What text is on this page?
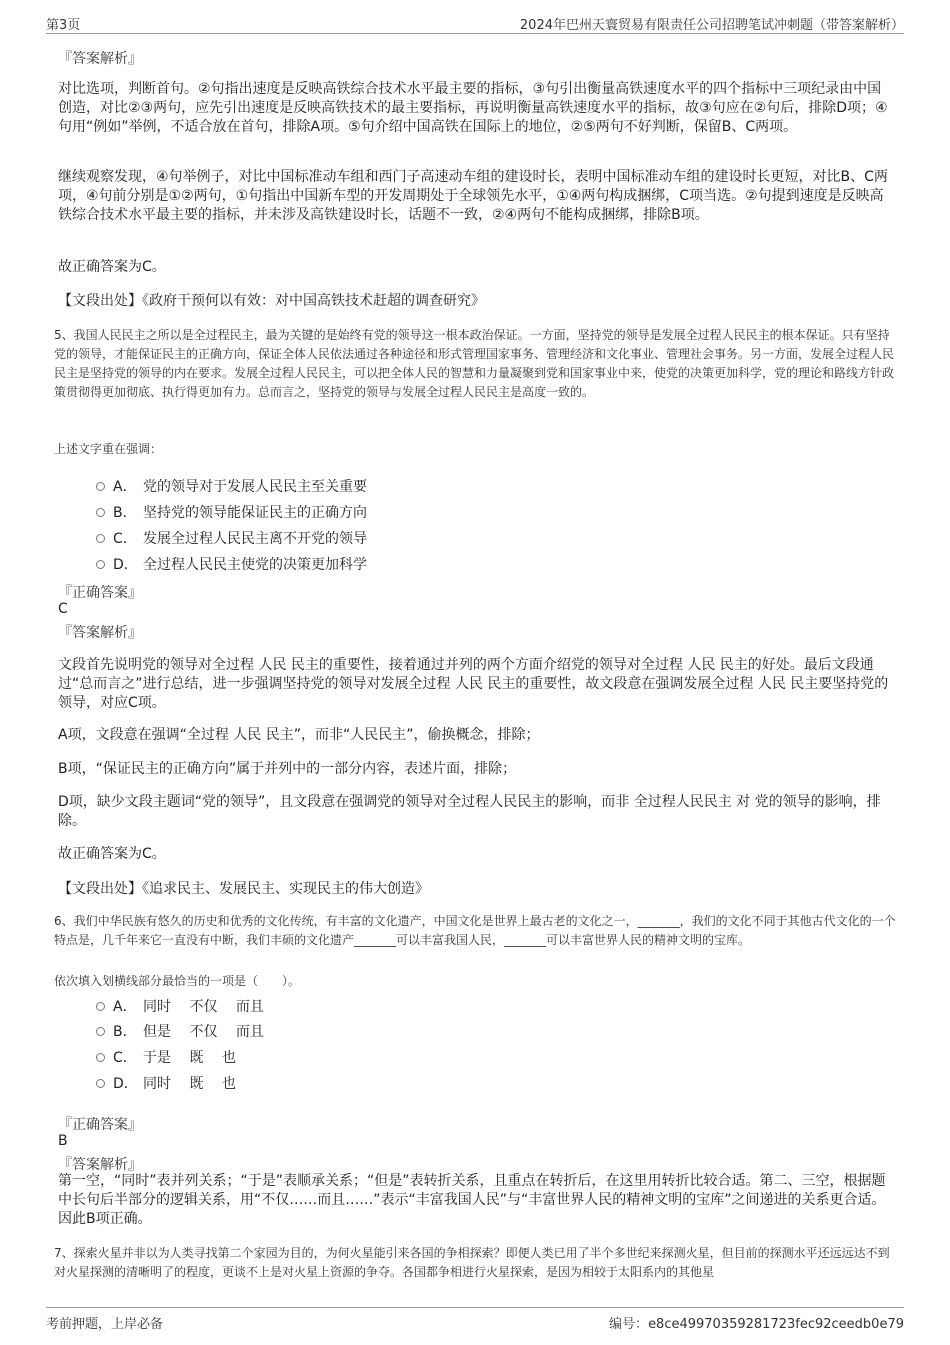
第3页	2024年巴州天寰贸易有限责任公司招聘笔试冲刺题（带答案解析）
『答案解析』
对比选项，判断首句。②句指出速度是反映高铁综合技术水平最主要的指标，③句引出衡量高铁速度水平的四个指标中三项纪录由中国创造，对比②③两句，应先引出速度是反映高铁技术的最主要指标，再说明衡量高铁速度水平的指标，故③句应在②句后，排除D项；④句用“例如”举例，不适合放在首句，排除A项。⑤句介绍中国高铁在国际上的地位，②⑤两句不好判断，保留B、C两项。
继续观察发现，④句举例子，对比中国标准动车组和西门子高速动车组的建设时长，表明中国标准动车组的建设时长更短，对比B、C两项，④句前分别是①②两句，①句指出中国新车型的开发周期处于全球领先水平，①④两句构成捆绑，C项当选。②句提到速度是反映高铁综合技术水平最主要的指标，并未涉及高铁建设时长，话题不一致，②④两句不能构成捆绑，排除B项。
故正确答案为C。
【文段出处】《政府干预何以有效：对中国高铁技术赶超的调查研究》
5、我国人民民主之所以是全过程民主，最为关键的是始终有党的领导这一根本政治保证。一方面，坚持党的领导是发展全过程人民民主的根本保证。只有坚持党的领导，才能保证民主的正确方向，保证全体人民依法通过各种途径和形式管理国家事务、管理经济和文化事业、管理社会事务。另一方面，发展全过程人民民主是坚持党的领导的内在要求。发展全过程人民民主，可以把全体人民的智慧和力量凝聚到党和国家事业中来，使党的决策更加科学，党的理论和路线方针政策贯彻得更加彻底、执行得更加有力。总而言之，坚持党的领导与发展全过程人民民主是高度一致的。
上述文字重在强调：
A． 党的领导对于发展人民民主至关重要
B． 坚持党的领导能保证民主的正确方向
C． 发展全过程人民民主离不开党的领导
D． 全过程人民民主使党的决策更加科学
『正确答案』
C
『答案解析』
文段首先说明党的领导对全过程 人民 民主的重要性，接着通过并列的两个方面介绍党的领导对全过程 人民 民主的好处。最后文段通过“总而言之”进行总结，进一步强调坚持党的领导对发展全过程 人民 民主的重要性，故文段意在强调发展全过程 人民 民主要坚持党的领导，对应C项。
A项，文段意在强调“全过程 人民 民主”，而非“人民民主”，偷换概念，排除；
B项，“保证民主的正确方向”属于并列中的一部分内容，表述片面，排除；
D项，缺少文段主题词“党的领导”，且文段意在强调党的领导对全过程人民民主的影响，而非 全过程人民民主 对 党的领导的影响，排除。
故正确答案为C。
【文段出处】《追求民主、发展民主、实现民主的伟大创造》
6、我们中华民族有悠久的历史和优秀的文化传统，有丰富的文化遗产，中国文化是世界上最古老的文化之一，_______，我们的文化不同于其他古代文化的一个特点是，几千年来它一直没有中断，我们丰硕的文化遗产_______可以丰富我国人民，_______可以丰富世界人民的精神文明的宝库。
依次填入划横线部分最恰当的一项是（　　）。
A． 同时　 不仅　 而且
B． 但是　 不仅　 而且
C． 于是　 既　 也
D． 同时　 既　 也
『正确答案』
B
『答案解析』
第一空，“同时”表并列关系；“于是”表顺承关系；“但是”表转折关系，且重点在转折后，在这里用转折比较合适。第二、三空，根据题中长句后半部分的逻辑关系，用“不仅……而且……”表示“丰富我国人民”与“丰富世界人民的精神文明的宝库”之间递进的关系更合适。因此B项正确。
7、探索火星并非以为人类寻找第二个家园为目的，为何火星能引来各国的争相探索？即便人类已用了半个多世纪来探测火星，但目前的探测水平还远远达不到对火星探测的清晰明了的程度，更谈不上是对火星上资源的争夺。各国都争相进行火星探索，是因为相较于太阳系内的其他星
考前押题，上岸必备	编号：e8ce49970359281723fec92ceedb0e79
